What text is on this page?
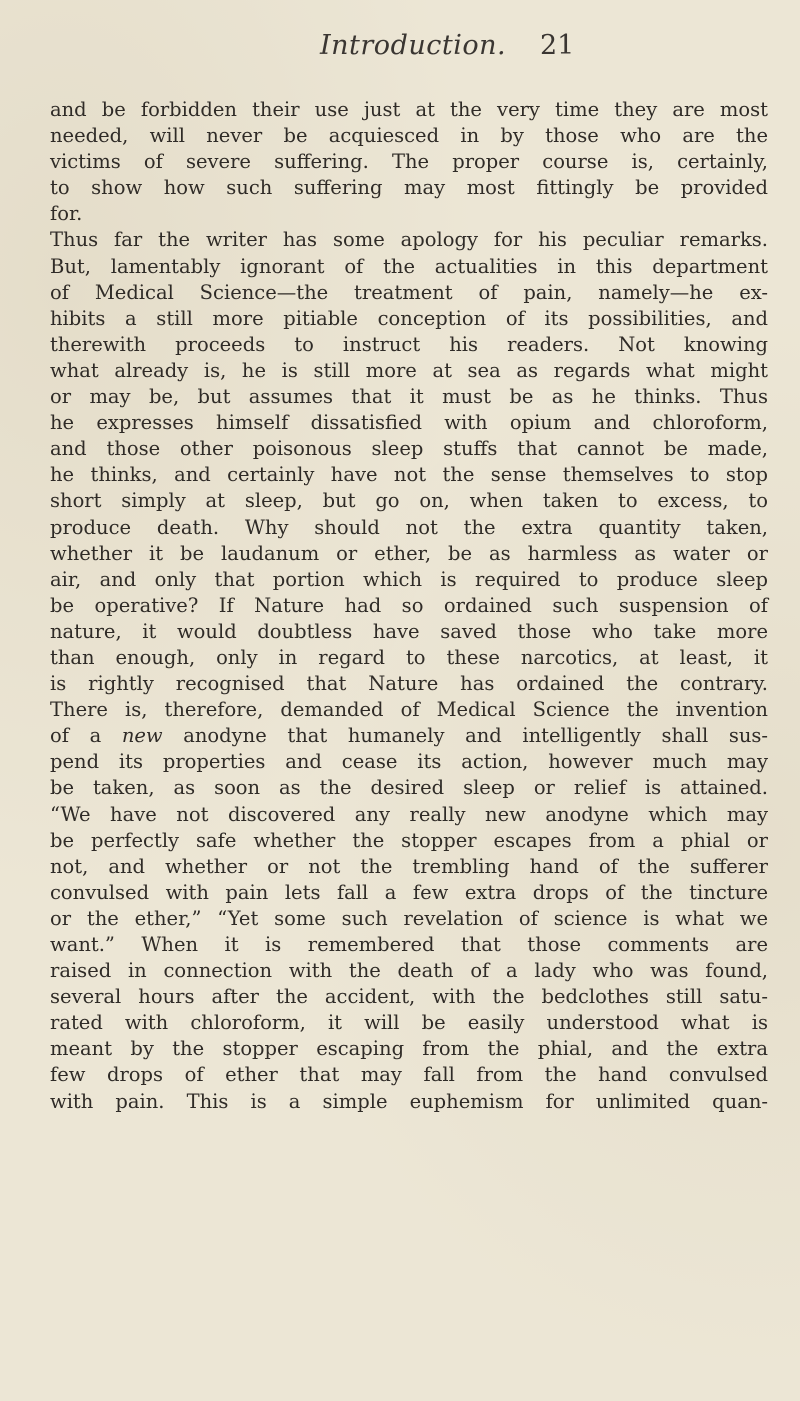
Introduction. 21
and be forbidden their use just at the very time they are most
needed, will never be acquiesced in by those who are the
victims of severe suffering. The proper course is, certainly,
to show how such suffering may most fittingly be provided
for.
Thus far the writer has some apology for his peculiar remarks.
But, lamentably ignorant of the actualities in this department
of Medical Science—the treatment of pain, namely—he ex-
hibits a still more pitiable conception of its possibilities, and
therewith proceeds to instruct his readers. Not knowing
what already is, he is still more at sea as regards what might
or may be, but assumes that it must be as he thinks. Thus
he expresses himself dissatisfied with opium and chloroform,
and those other poisonous sleep stuffs that cannot be made,
he thinks, and certainly have not the sense themselves to stop
short simply at sleep, but go on, when taken to excess, to
produce death. Why should not the extra quantity taken,
whether it be laudanum or ether, be as harmless as water or
air, and only that portion which is required to produce sleep
be operative? If Nature had so ordained such suspension of
nature, it would doubtless have saved those who take more
than enough, only in regard to these narcotics, at least, it
is rightly recognised that Nature has ordained the contrary.
There is, therefore, demanded of Medical Science the invention
of a new anodyne that humanely and intelligently shall sus-
pend its properties and cease its action, however much may
be taken, as soon as the desired sleep or relief is attained.
“We have not discovered any really new anodyne which may
be perfectly safe whether the stopper escapes from a phial or
not, and whether or not the trembling hand of the sufferer
convulsed with pain lets fall a few extra drops of the tincture
or the ether,” “Yet some such revelation of science is what we
want.” When it is remembered that those comments are
raised in connection with the death of a lady who was found,
several hours after the accident, with the bedclothes still satu-
rated with chloroform, it will be easily understood what is
meant by the stopper escaping from the phial, and the extra
few drops of ether that may fall from the hand convulsed
with pain. This is a simple euphemism for unlimited quan-
